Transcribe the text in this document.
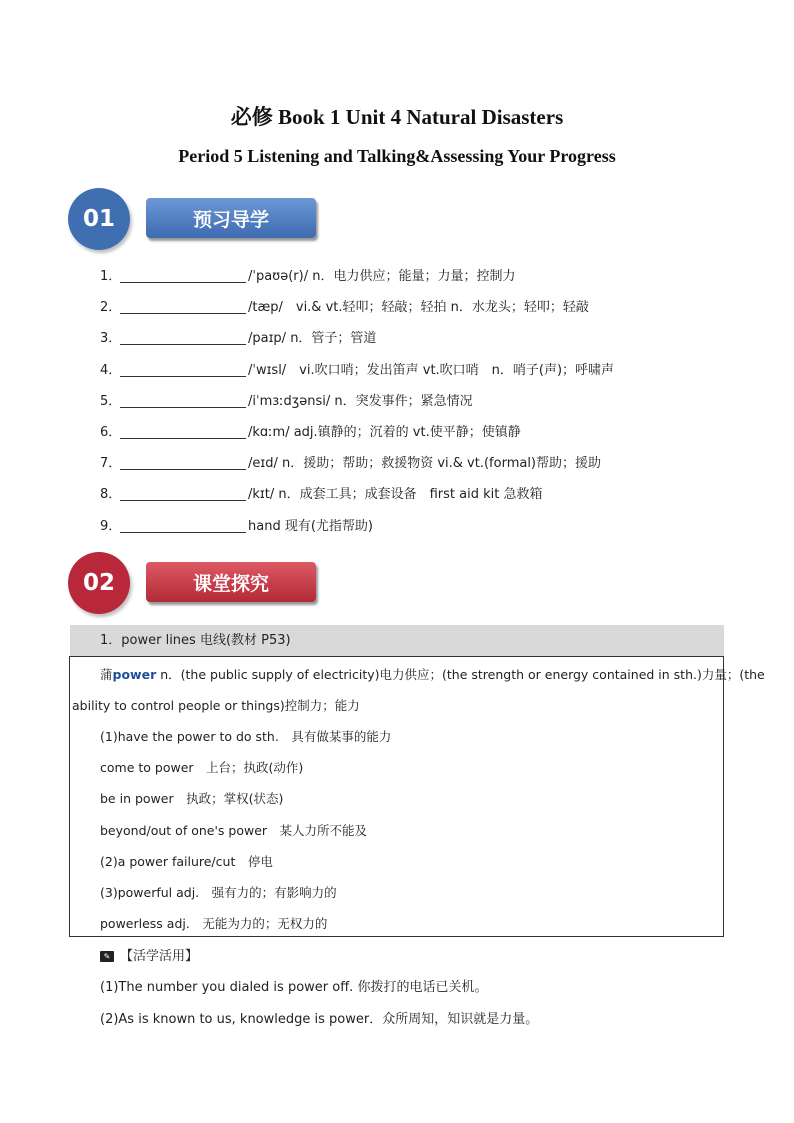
必修 Book 1 Unit 4 Natural Disasters
Period 5 Listening and Talking&Assessing Your Progress
01	预习导学
1．	/ˈpaʊə(r)/ n．电力供应；能量；力量；控制力
2．	/tæp/　vi.& vt.轻叩；轻敲；轻拍 n．水龙头；轻叩；轻敲
3．	/paɪp/ n．管子；管道
4．	/ˈwɪsl/　vi.吹口哨；发出笛声 vt.吹口哨　n．哨子(声)；呼啸声
5．	/iˈmɜːdʒənsi/ n．突发事件；紧急情况
6．	/kɑːm/ adj.镇静的；沉着的 vt.使平静；使镇静
7．	/eɪd/ n．援助；帮助；救援物资 vi.& vt.(formal)帮助；援助
8．	/kɪt/ n．成套工具；成套设备　first aid kit 急救箱
9．	hand 现有(尤指帮助)
02	课堂探究
1．power lines 电线(教材 P53)
蒲power n．(the public supply of electricity)电力供应；(the strength or energy contained in sth.)力量；(the
ability to control people or things)控制力；能力
(1)have the power to do sth.　具有做某事的能力
come to power　上台；执政(动作)
be in power　执政；掌权(状态)
beyond/out of one's power　某人力所不能及
(2)a power failure/cut　停电
(3)powerful adj.　强有力的；有影响力的
powerless adj.　无能为力的；无权力的
✎ 【活学活用】
(1)The number you dialed is power off. 你拨打的电话已关机。
(2)As is known to us, knowledge is power．众所周知，知识就是力量。
